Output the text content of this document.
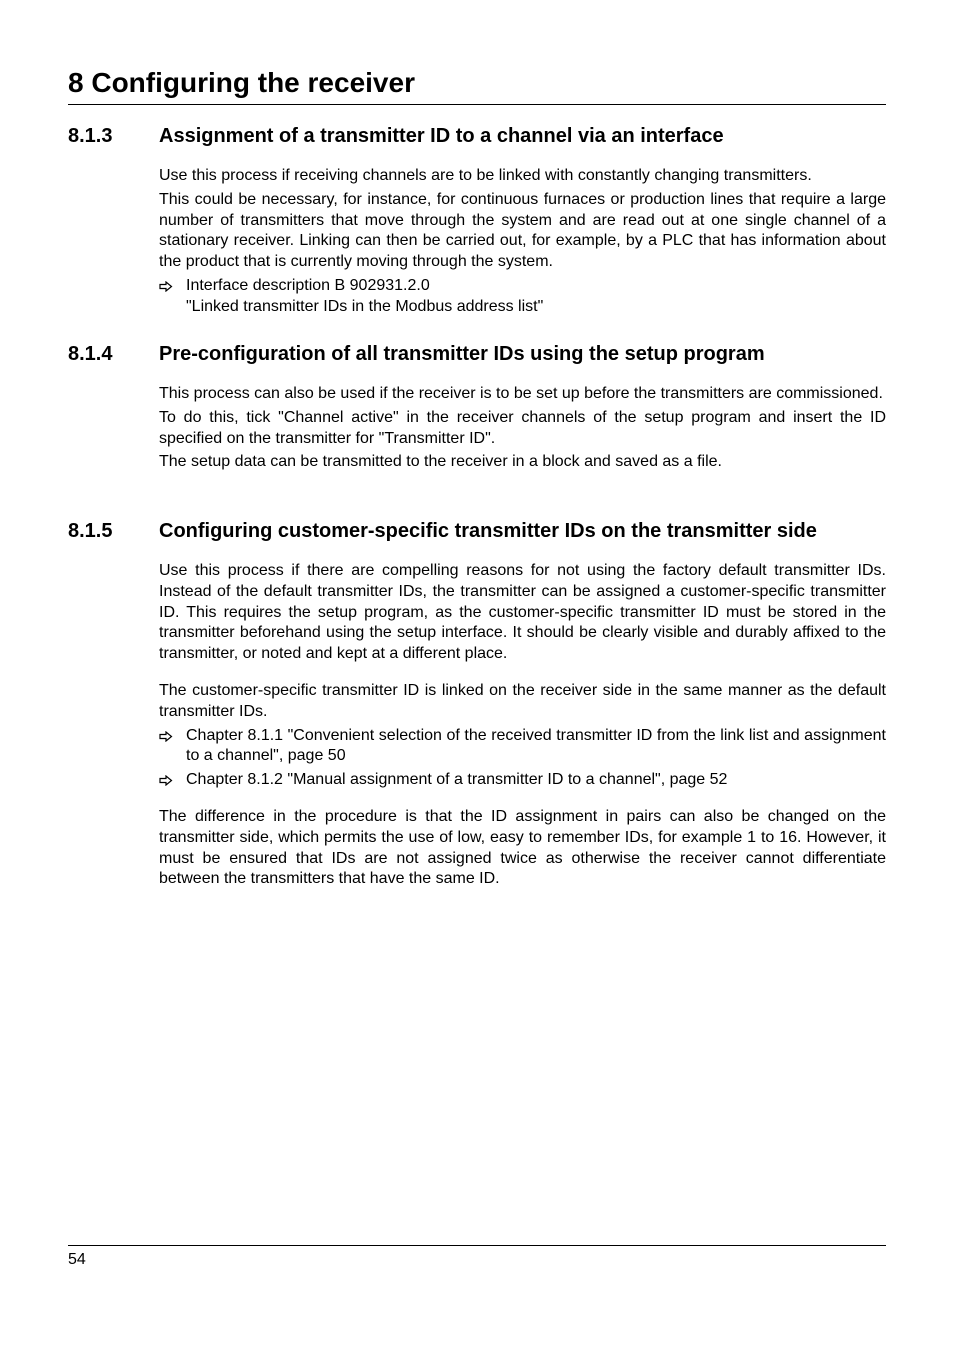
8 Configuring the receiver
8.1.3 Assignment of a transmitter ID to a channel via an interface

Use this process if receiving channels are to be linked with constantly changing transmitters.

This could be necessary, for instance, for continuous furnaces or production lines that require a large number of transmitters that move through the system and are read out at one single channel of a stationary receiver. Linking can then be carried out, for example, by a PLC that has information about the product that is currently moving through the system.

Interface description B 902931.2.0
"Linked transmitter IDs in the Modbus address list"
8.1.4 Pre-configuration of all transmitter IDs using the setup program

This process can also be used if the receiver is to be set up before the transmitters are commissioned.

To do this, tick "Channel active" in the receiver channels of the setup program and insert the ID specified on the transmitter for "Transmitter ID".

The setup data can be transmitted to the receiver in a block and saved as a file.

8.1.5 Configuring customer-specific transmitter IDs on the transmitter side

Use this process if there are compelling reasons for not using the factory default transmitter IDs. Instead of the default transmitter IDs, the transmitter can be assigned a customer-specific transmitter ID. This requires the setup program, as the customer-specific transmitter ID must be stored in the transmitter beforehand using the setup interface. It should be clearly visible and durably affixed to the transmitter, or noted and kept at a different place.

The customer-specific transmitter ID is linked on the receiver side in the same manner as the default transmitter IDs.

Chapter 8.1.1 "Convenient selection of the received transmitter ID from the link list and assignment to a channel", page 50
Chapter 8.1.2 "Manual assignment of a transmitter ID to a channel", page 52

The difference in the procedure is that the ID assignment in pairs can also be changed on the transmitter side, which permits the use of low, easy to remember IDs, for example 1 to 16. However, it must be ensured that IDs are not assigned twice as otherwise the receiver cannot differentiate between the transmitters that have the same ID.

54
